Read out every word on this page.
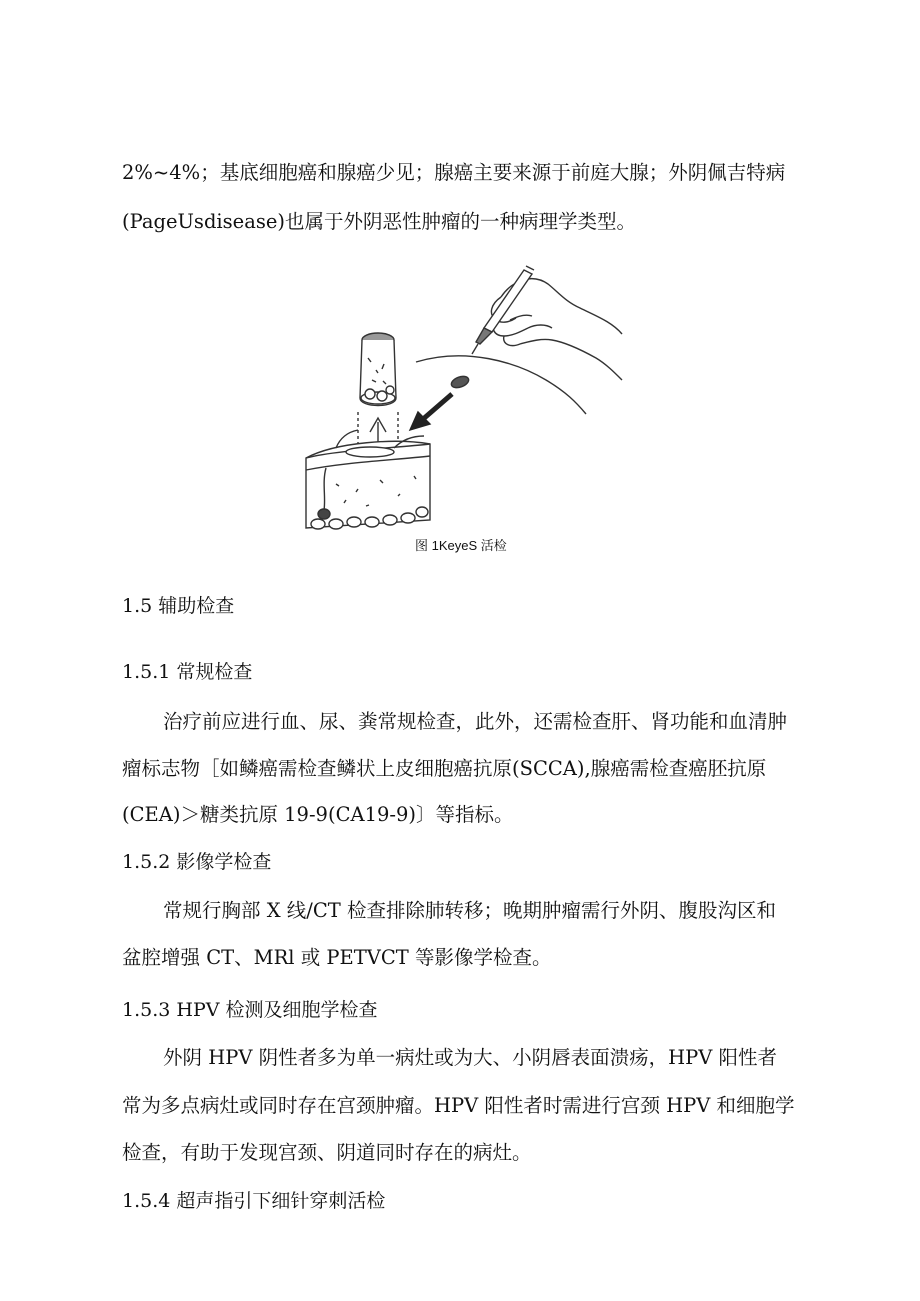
2%~4%；基底细胞癌和腺癌少见；腺癌主要来源于前庭大腺；外阴佩吉特病
(PageUsdisease)也属于外阴恶性肿瘤的一种病理学类型。
图 1KeyeS 活检
1.5 辅助检查
1.5.1 常规检查
治疗前应进行血、尿、粪常规检查，此外，还需检查肝、肾功能和血清肿
瘤标志物［如鳞癌需检查鳞状上皮细胞癌抗原(SCCA),腺癌需检查癌胚抗原
(CEA)＞糖类抗原 19-9(CA19-9)〕等指标。
1.5.2 影像学检查
常规行胸部 X 线/CT 检查排除肺转移；晚期肿瘤需行外阴、腹股沟区和
盆腔增强 CT、MRl 或 PETVCT 等影像学检查。
1.5.3 HPV 检测及细胞学检查
外阴 HPV 阴性者多为单一病灶或为大、小阴唇表面溃疡，HPV 阳性者
常为多点病灶或同时存在宫颈肿瘤。HPV 阳性者时需进行宫颈 HPV 和细胞学
检查，有助于发现宫颈、阴道同时存在的病灶。
1.5.4 超声指引下细针穿刺活检
